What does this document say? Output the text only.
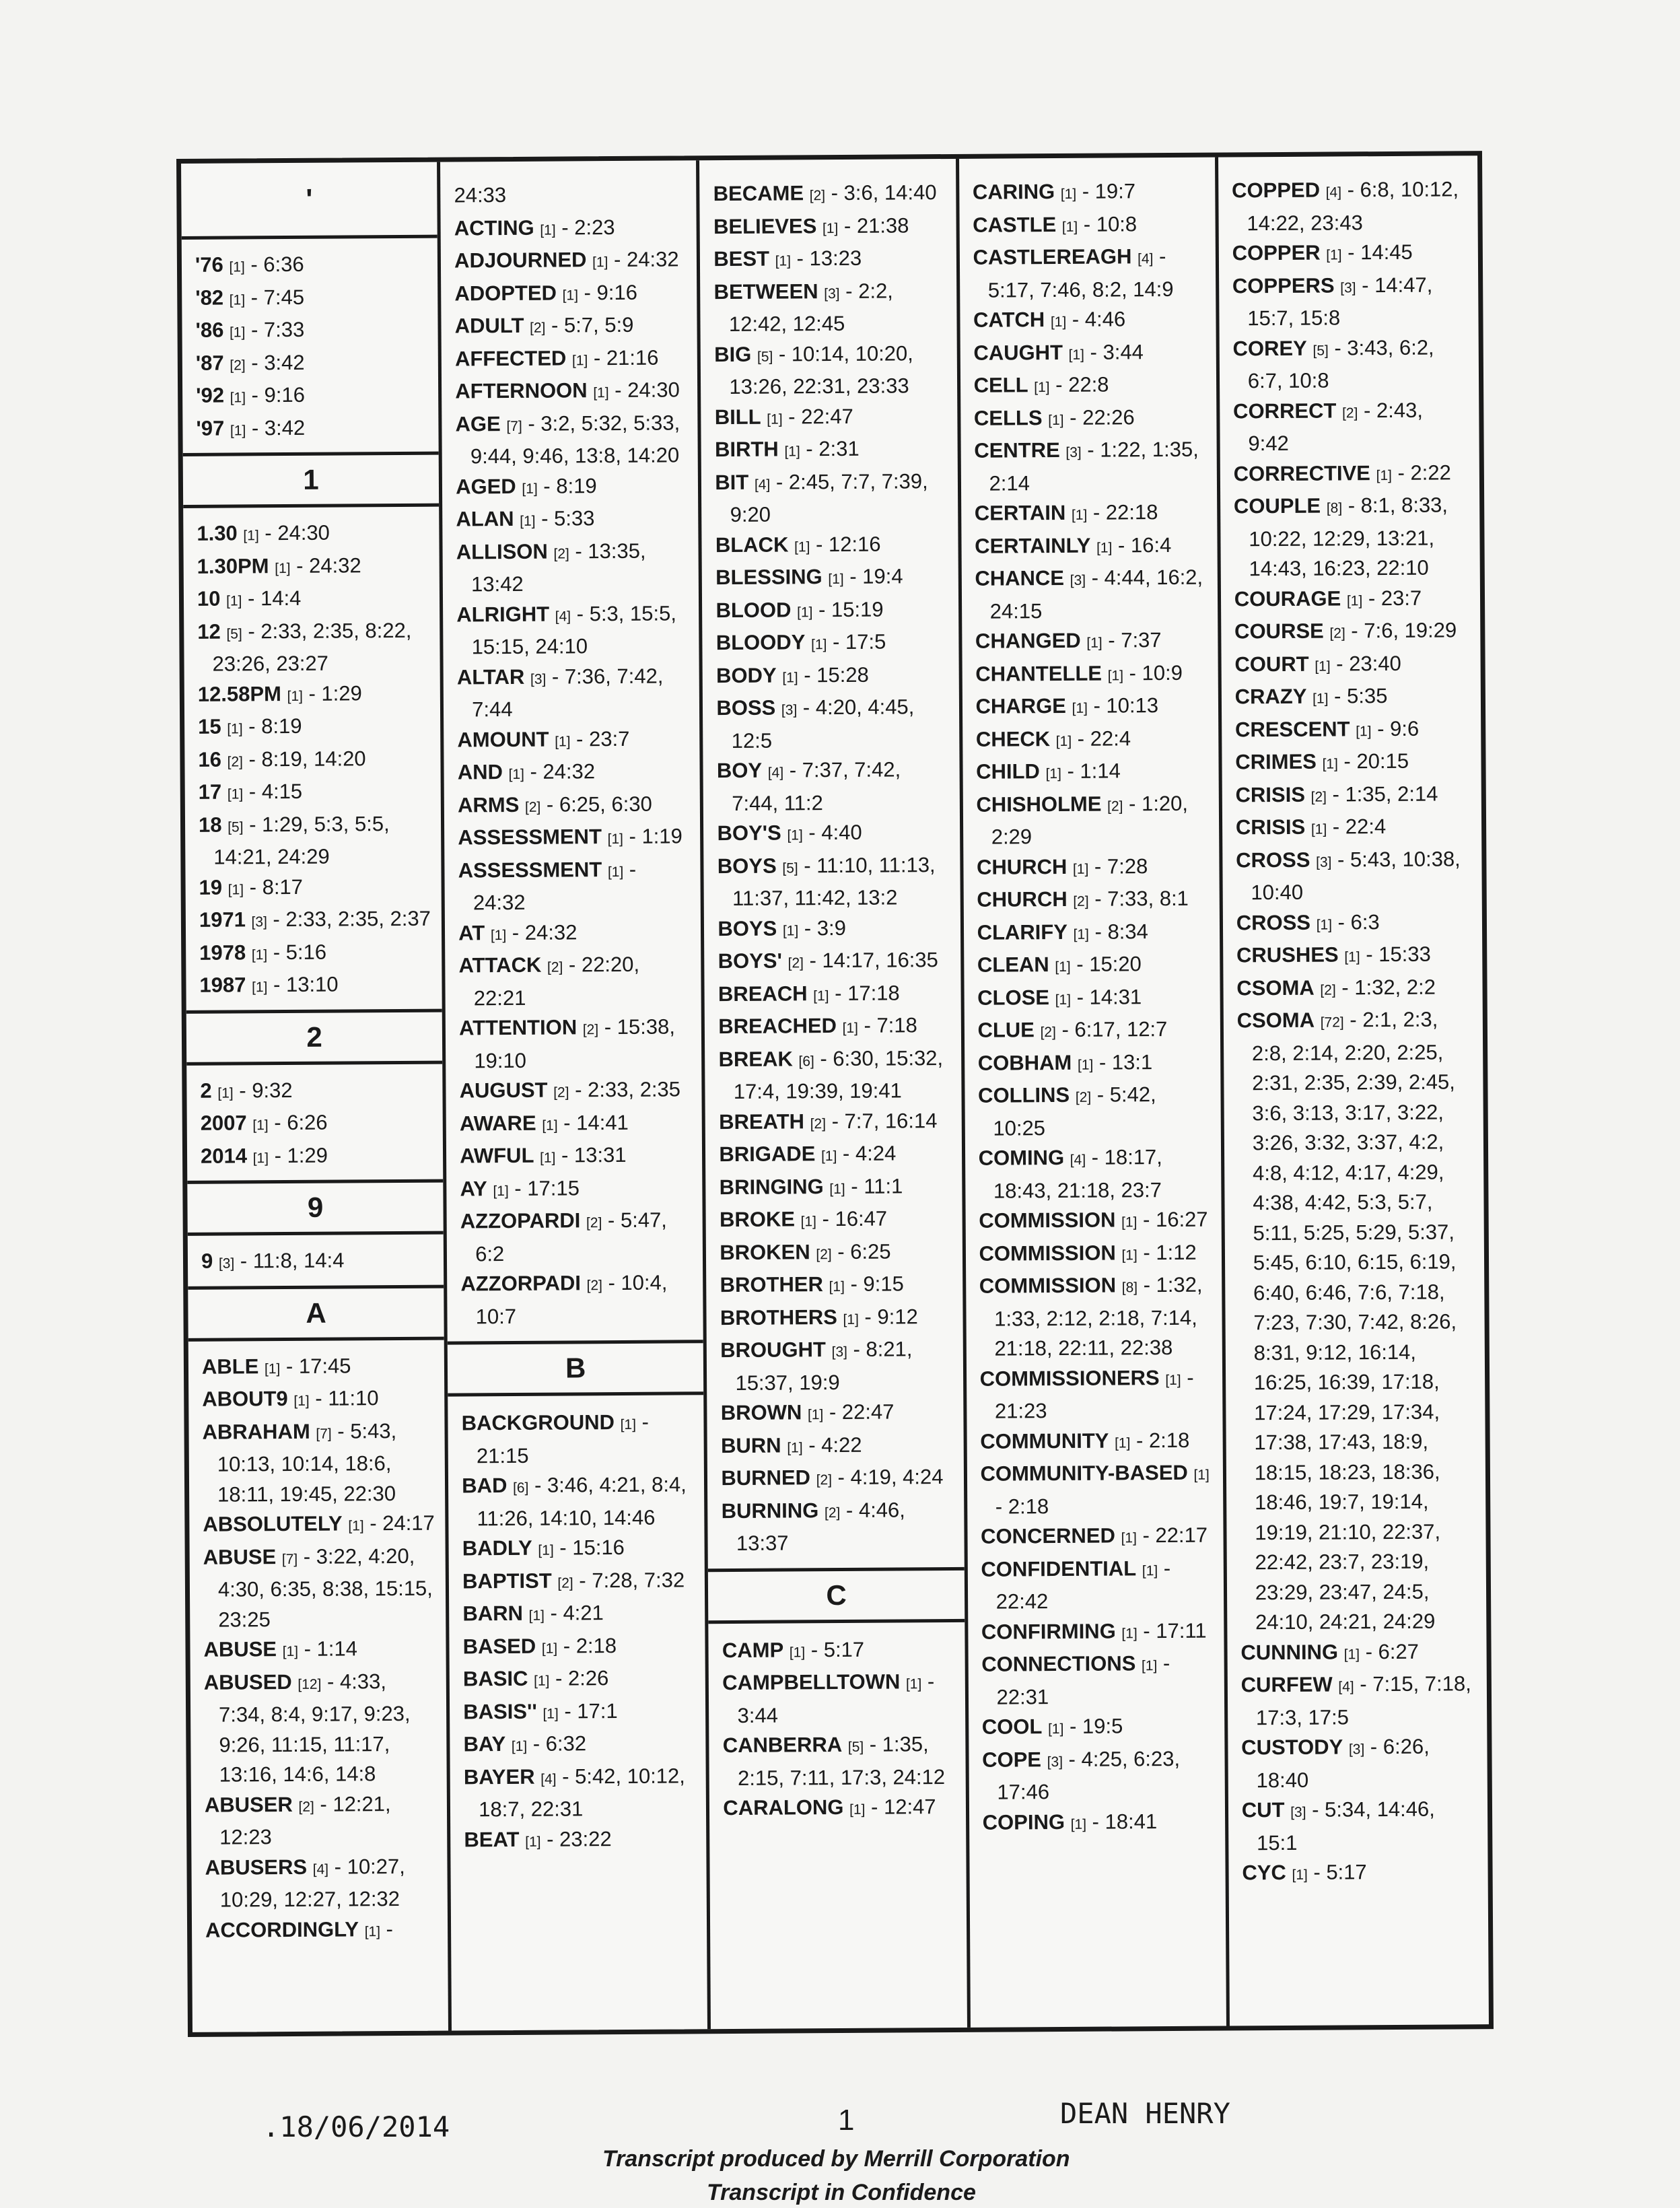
'
'76 [1] - 6:36
'82 [1] - 7:45
'86 [1] - 7:33
'87 [2] - 3:42
'92 [1] - 9:16
'97 [1] - 3:42
1
1.30 [1] - 24:30
1.30PM [1] - 24:32
10 [1] - 14:4
12 [5] - 2:33, 2:35, 8:22, 23:26, 23:27
12.58PM [1] - 1:29
15 [1] - 8:19
16 [2] - 8:19, 14:20
17 [1] - 4:15
18 [5] - 1:29, 5:3, 5:5, 14:21, 24:29
19 [1] - 8:17
1971 [3] - 2:33, 2:35, 2:37
1978 [1] - 5:16
1987 [1] - 13:10
2
2 [1] - 9:32
2007 [1] - 6:26
2014 [1] - 1:29
9
9 [3] - 11:8, 14:4
A
ABLE [1] - 17:45
ABOUT9 [1] - 11:10
ABRAHAM [7] - 5:43, 10:13, 10:14, 18:6, 18:11, 19:45, 22:30
ABSOLUTELY [1] - 24:17
ABUSE [7] - 3:22, 4:20, 4:30, 6:35, 8:38, 15:15, 23:25
ABUSE [1] - 1:14
ABUSED [12] - 4:33, 7:34, 8:4, 9:17, 9:23, 9:26, 11:15, 11:17, 13:16, 14:6, 14:8
ABUSER [2] - 12:21, 12:23
ABUSERS [4] - 10:27, 10:29, 12:27, 12:32
ACCORDINGLY [1] -
24:33
ACTING [1] - 2:23
ADJOURNED [1] - 24:32
ADOPTED [1] - 9:16
ADULT [2] - 5:7, 5:9
AFFECTED [1] - 21:16
AFTERNOON [1] - 24:30
AGE [7] - 3:2, 5:32, 5:33, 9:44, 9:46, 13:8, 14:20
AGED [1] - 8:19
ALAN [1] - 5:33
ALLISON [2] - 13:35, 13:42
ALRIGHT [4] - 5:3, 15:5, 15:15, 24:10
ALTAR [3] - 7:36, 7:42, 7:44
AMOUNT [1] - 23:7
AND [1] - 24:32
ARMS [2] - 6:25, 6:30
ASSESSMENT [1] - 1:19
ASSESSMENT [1] - 24:32
AT [1] - 24:32
ATTACK [2] - 22:20, 22:21
ATTENTION [2] - 15:38, 19:10
AUGUST [2] - 2:33, 2:35
AWARE [1] - 14:41
AWFUL [1] - 13:31
AY [1] - 17:15
AZZOPARDI [2] - 5:47, 6:2
AZZORPADI [2] - 10:4, 10:7
B
BACKGROUND [1] - 21:15
BAD [6] - 3:46, 4:21, 8:4, 11:26, 14:10, 14:46
BADLY [1] - 15:16
BAPTIST [2] - 7:28, 7:32
BARN [1] - 4:21
BASED [1] - 2:18
BASIC [1] - 2:26
BASIS'' [1] - 17:1
BAY [1] - 6:32
BAYER [4] - 5:42, 10:12, 18:7, 22:31
BEAT [1] - 23:22
BECAME [2] - 3:6, 14:40
BELIEVES [1] - 21:38
BEST [1] - 13:23
BETWEEN [3] - 2:2, 12:42, 12:45
BIG [5] - 10:14, 10:20, 13:26, 22:31, 23:33
BILL [1] - 22:47
BIRTH [1] - 2:31
BIT [4] - 2:45, 7:7, 7:39, 9:20
BLACK [1] - 12:16
BLESSING [1] - 19:4
BLOOD [1] - 15:19
BLOODY [1] - 17:5
BODY [1] - 15:28
BOSS [3] - 4:20, 4:45, 12:5
BOY [4] - 7:37, 7:42, 7:44, 11:2
BOY'S [1] - 4:40
BOYS [5] - 11:10, 11:13, 11:37, 11:42, 13:2
BOYS [1] - 3:9
BOYS' [2] - 14:17, 16:35
BREACH [1] - 17:18
BREACHED [1] - 7:18
BREAK [6] - 6:30, 15:32, 17:4, 19:39, 19:41
BREATH [2] - 7:7, 16:14
BRIGADE [1] - 4:24
BRINGING [1] - 11:1
BROKE [1] - 16:47
BROKEN [2] - 6:25
BROTHER [1] - 9:15
BROTHERS [1] - 9:12
BROUGHT [3] - 8:21, 15:37, 19:9
BROWN [1] - 22:47
BURN [1] - 4:22
BURNED [2] - 4:19, 4:24
BURNING [2] - 4:46, 13:37
C
CAMP [1] - 5:17
CAMPBELLTOWN [1] - 3:44
CANBERRA [5] - 1:35, 2:15, 7:11, 17:3, 24:12
CARALONG [1] - 12:47
CARING [1] - 19:7
CASTLE [1] - 10:8
CASTLEREAGH [4] - 5:17, 7:46, 8:2, 14:9
CATCH [1] - 4:46
CAUGHT [1] - 3:44
CELL [1] - 22:8
CELLS [1] - 22:26
CENTRE [3] - 1:22, 1:35, 2:14
CERTAIN [1] - 22:18
CERTAINLY [1] - 16:4
CHANCE [3] - 4:44, 16:2, 24:15
CHANGED [1] - 7:37
CHANTELLE [1] - 10:9
CHARGE [1] - 10:13
CHECK [1] - 22:4
CHILD [1] - 1:14
CHISHOLME [2] - 1:20, 2:29
CHURCH [1] - 7:28
CHURCH [2] - 7:33, 8:1
CLARIFY [1] - 8:34
CLEAN [1] - 15:20
CLOSE [1] - 14:31
CLUE [2] - 6:17, 12:7
COBHAM [1] - 13:1
COLLINS [2] - 5:42, 10:25
COMING [4] - 18:17, 18:43, 21:18, 23:7
COMMISSION [1] - 16:27
COMMISSION [1] - 1:12
COMMISSION [8] - 1:32, 1:33, 2:12, 2:18, 7:14, 21:18, 22:11, 22:38
COMMISSIONERS [1] - 21:23
COMMUNITY [1] - 2:18
COMMUNITY-BASED [1] - 2:18
CONCERNED [1] - 22:17
CONFIDENTIAL [1] - 22:42
CONFIRMING [1] - 17:11
CONNECTIONS [1] - 22:31
COOL [1] - 19:5
COPE [3] - 4:25, 6:23, 17:46
COPING [1] - 18:41
COPPED [4] - 6:8, 10:12, 14:22, 23:43
COPPER [1] - 14:45
COPPERS [3] - 14:47, 15:7, 15:8
COREY [5] - 3:43, 6:2, 6:7, 10:8
CORRECT [2] - 2:43, 9:42
CORRECTIVE [1] - 2:22
COUPLE [8] - 8:1, 8:33, 10:22, 12:29, 13:21, 14:43, 16:23, 22:10
COURAGE [1] - 23:7
COURSE [2] - 7:6, 19:29
COURT [1] - 23:40
CRAZY [1] - 5:35
CRESCENT [1] - 9:6
CRIMES [1] - 20:15
CRISIS [2] - 1:35, 2:14
CRISIS [1] - 22:4
CROSS [3] - 5:43, 10:38, 10:40
CROSS [1] - 6:3
CRUSHES [1] - 15:33
CSOMA [2] - 1:32, 2:2
CSOMA [72] - 2:1, 2:3, 2:8, 2:14, 2:20, 2:25, 2:31, 2:35, 2:39, 2:45, 3:6, 3:13, 3:17, 3:22, 3:26, 3:32, 3:37, 4:2, 4:8, 4:12, 4:17, 4:29, 4:38, 4:42, 5:3, 5:7, 5:11, 5:25, 5:29, 5:37, 5:45, 6:10, 6:15, 6:19, 6:40, 6:46, 7:6, 7:18, 7:23, 7:30, 7:42, 8:26, 8:31, 9:12, 16:14, 16:25, 16:39, 17:18, 17:24, 17:29, 17:34, 17:38, 17:43, 18:9, 18:15, 18:23, 18:36, 18:46, 19:7, 19:14, 19:19, 21:10, 22:37, 22:42, 23:7, 23:19, 23:29, 23:47, 24:5, 24:10, 24:21, 24:29
CUNNING [1] - 6:27
CURFEW [4] - 7:15, 7:18, 17:3, 17:5
CUSTODY [3] - 6:26, 18:40
CUT [3] - 5:34, 14:46, 15:1
CYC [1] - 5:17
.18/06/2014	1	DEAN HENRY
Transcript produced by Merrill Corporation
Transcript in Confidence
